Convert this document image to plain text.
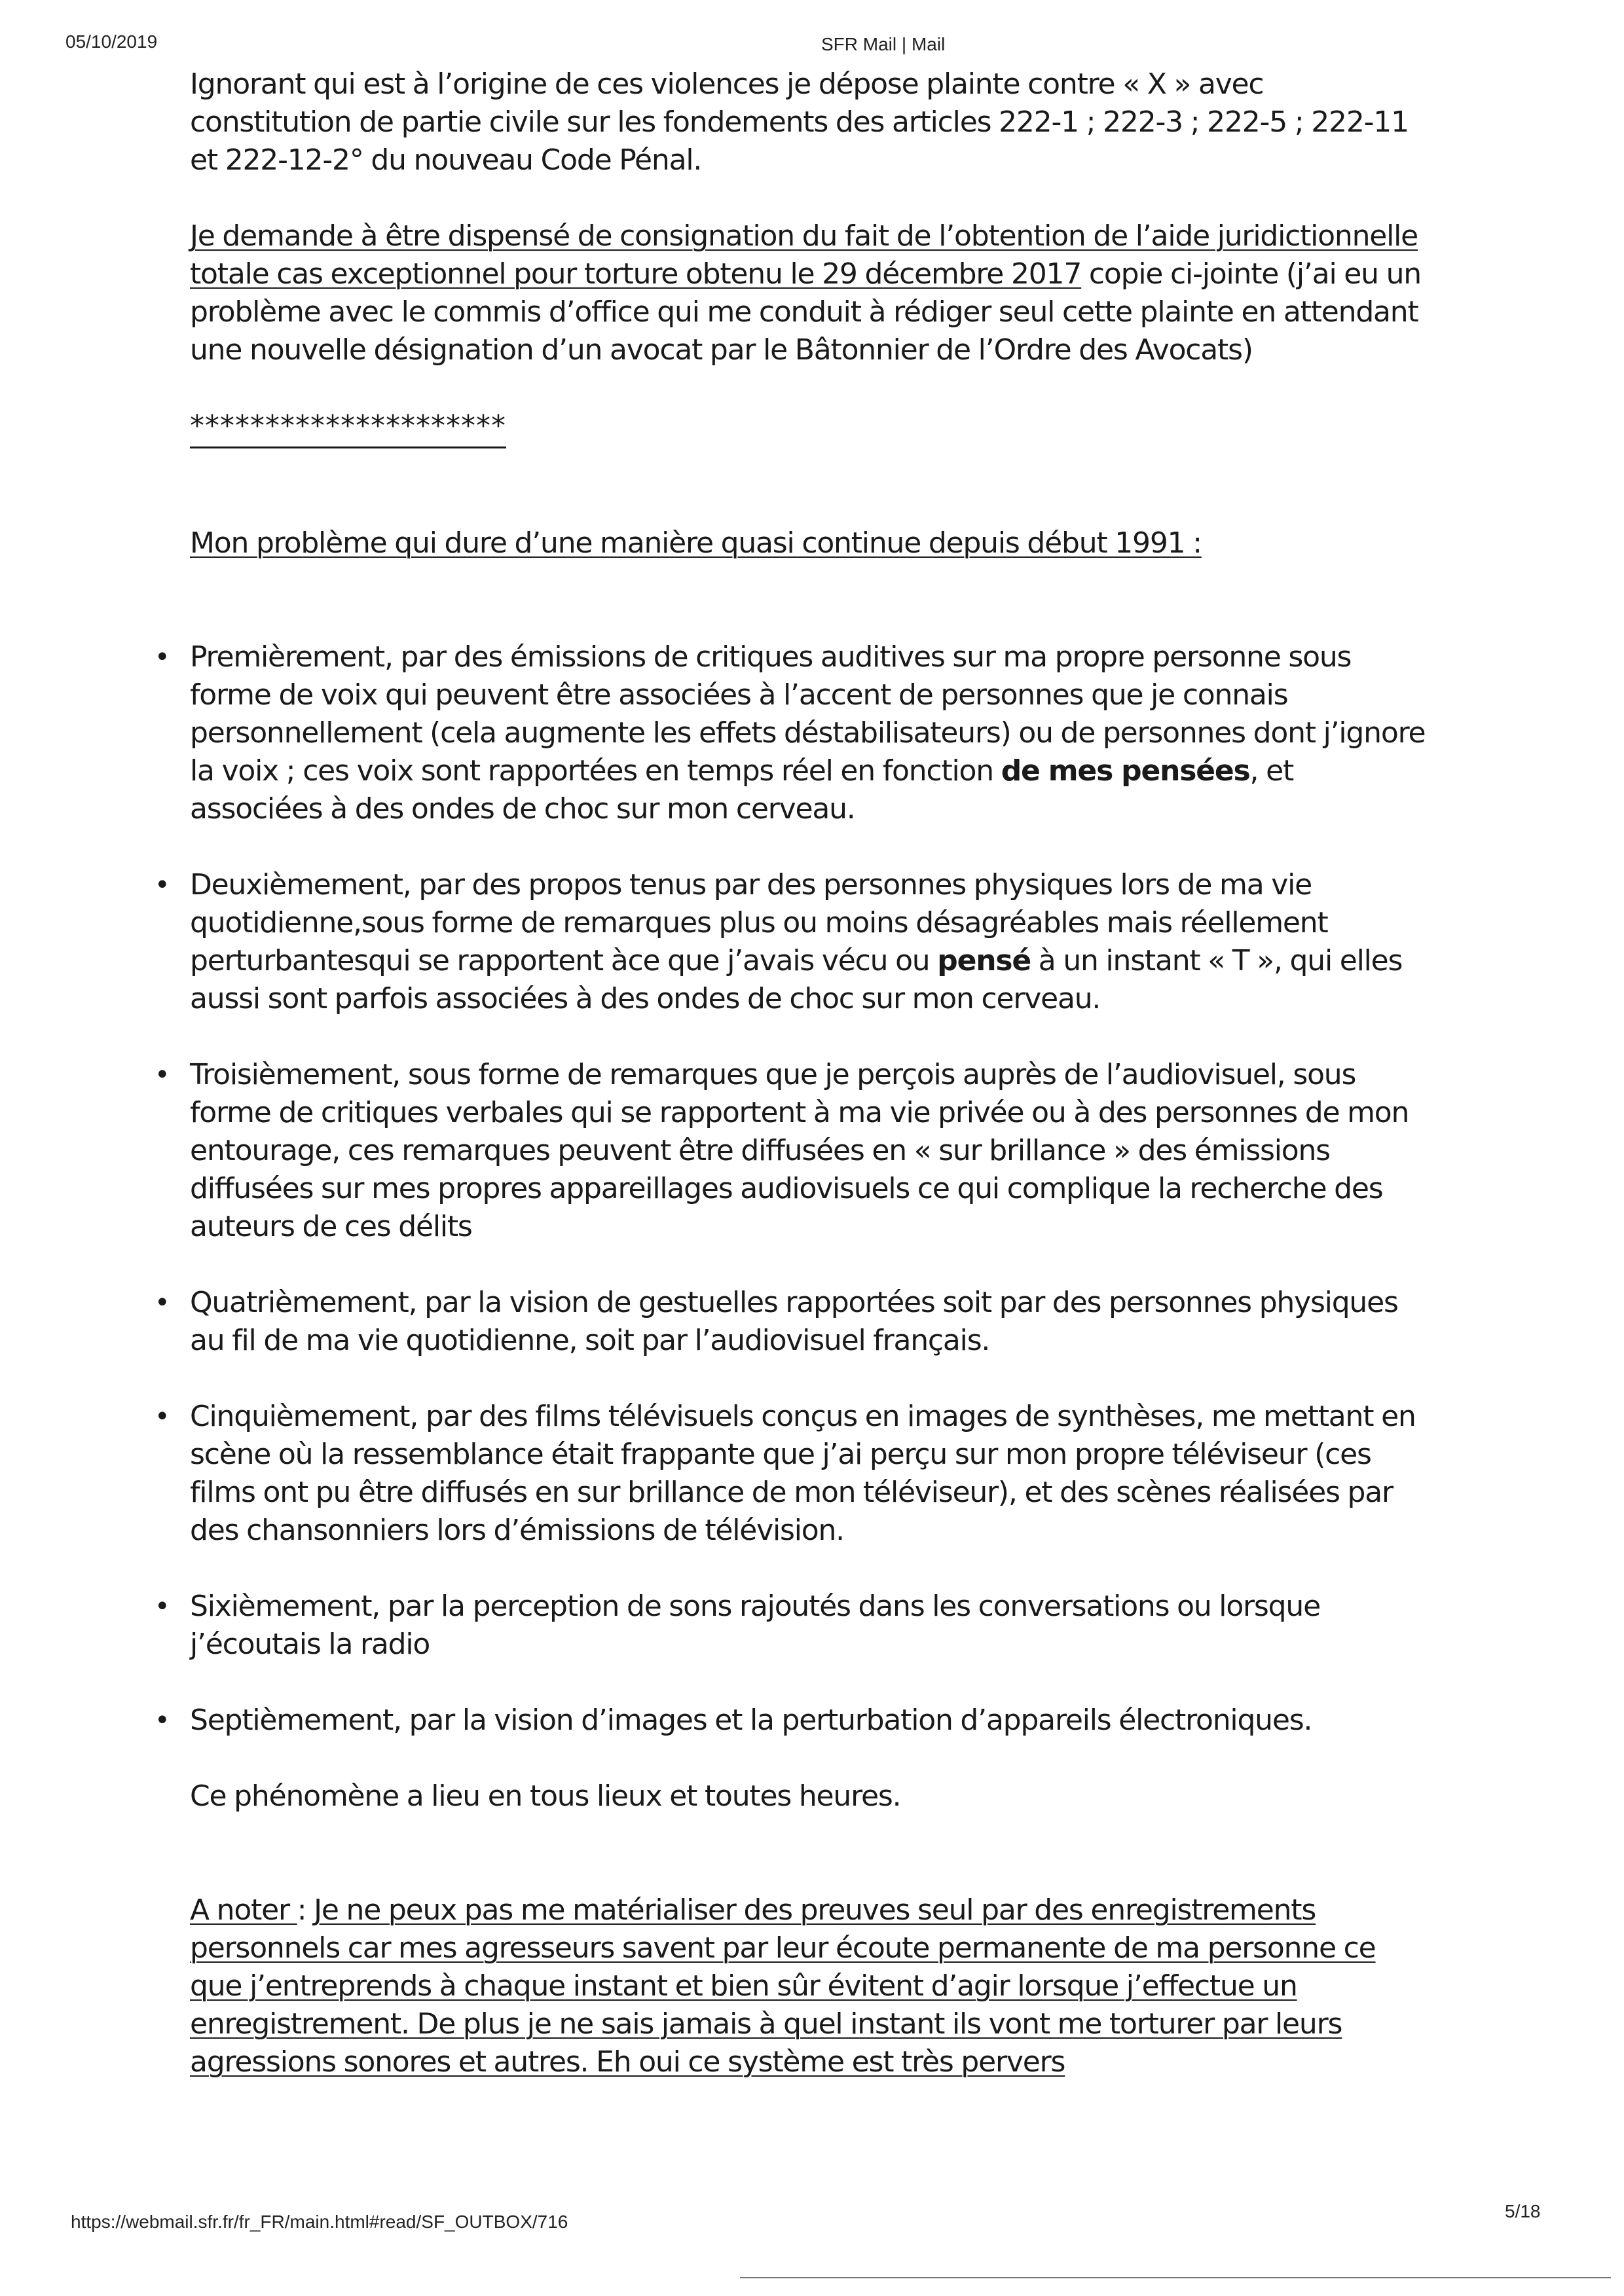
05/10/2019	SFR Mail | Mail

Ignorant qui est à l’origine de ces violences je dépose plainte contre « X » avec constitution de partie civile sur les fondements des articles 222-1 ; 222-3 ; 222-5 ; 222-11 et 222-12-2° du nouveau Code Pénal.

Je demande à être dispensé de consignation du fait de l’obtention de l’aide juridictionnelle totale cas exceptionnel pour torture obtenu le 29 décembre 2017 copie ci-jointe (j’ai eu un problème avec le commis d’office qui me conduit à rédiger seul cette plainte en attendant une nouvelle désignation d’un avocat par le Bâtonnier de l’Ordre des Avocats)

*********************

Mon problème qui dure d’une manière quasi continue depuis début 1991 :

• Premièrement, par des émissions de critiques auditives sur ma propre personne sous forme de voix qui peuvent être associées à l’accent de personnes que je connais personnellement (cela augmente les effets déstabilisateurs) ou de personnes dont j’ignore la voix ; ces voix sont rapportées en temps réel en fonction de mes pensées, et associées à des ondes de choc sur mon cerveau.
• Deuxièmement, par des propos tenus par des personnes physiques lors de ma vie quotidienne,sous forme de remarques plus ou moins désagréables mais réellement perturbantesqui se rapportent àce que j’avais vécu ou pensé à un instant « T », qui elles aussi sont parfois associées à des ondes de choc sur mon cerveau.
• Troisièmement, sous forme de remarques que je perçois auprès de l’audiovisuel, sous forme de critiques verbales qui se rapportent à ma vie privée ou à des personnes de mon entourage, ces remarques peuvent être diffusées en « sur brillance » des émissions diffusées sur mes propres appareillages audiovisuels ce qui complique la recherche des auteurs de ces délits
• Quatrièmement, par la vision de gestuelles rapportées soit par des personnes physiques au fil de ma vie quotidienne, soit par l’audiovisuel français.
• Cinquièmement, par des films télévisuels conçus en images de synthèses, me mettant en scène où la ressemblance était frappante que j’ai perçu sur mon propre téléviseur (ces films ont pu être diffusés en sur brillance de mon téléviseur), et des scènes réalisées par des chansonniers lors d’émissions de télévision.
• Sixièmement, par la perception de sons rajoutés dans les conversations ou lorsque j’écoutais la radio
• Septièmement, par la vision d’images et la perturbation d’appareils électroniques.

Ce phénomène a lieu en tous lieux et toutes heures.

A noter : Je ne peux pas me matérialiser des preuves seul par des enregistrements personnels car mes agresseurs savent par leur écoute permanente de ma personne ce que j’entreprends à chaque instant et bien sûr évitent d’agir lorsque j’effectue un enregistrement. De plus je ne sais jamais à quel instant ils vont me torturer par leurs agressions sonores et autres. Eh oui ce système est très pervers

https://webmail.sfr.fr/fr_FR/main.html#read/SF_OUTBOX/716
5/18
